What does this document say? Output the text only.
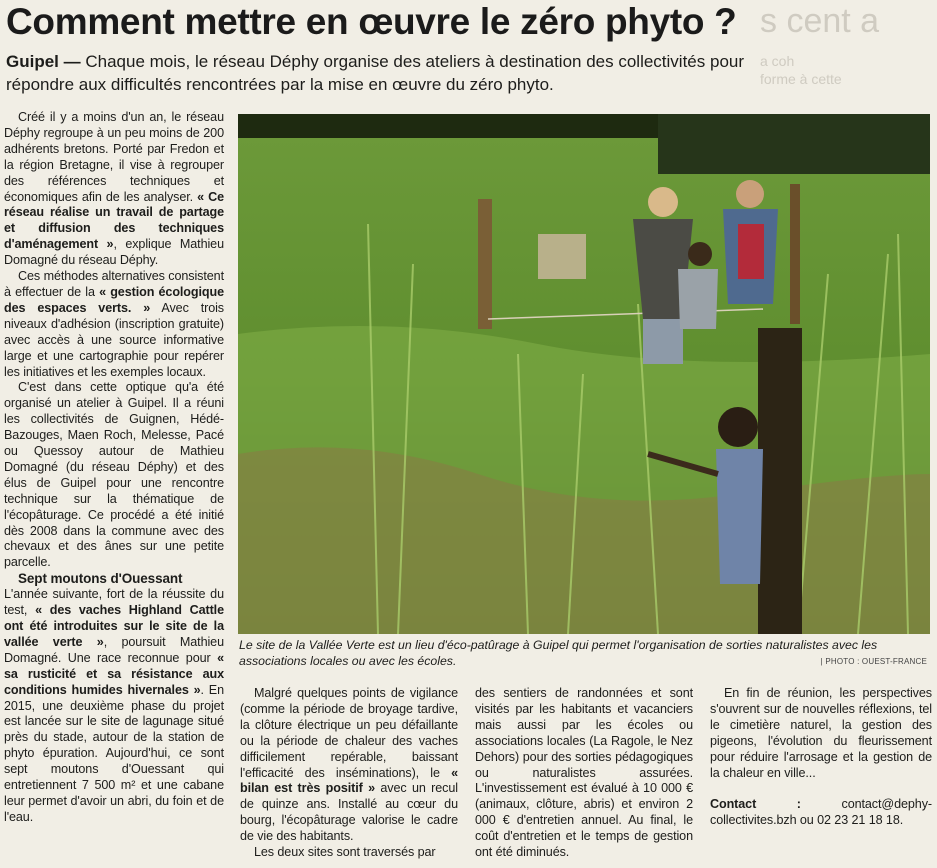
s cent a
a coh
forme à cette
Comment mettre en œuvre le zéro phyto ?

Guipel — Chaque mois, le réseau Déphy organise des ateliers à destination des collectivités pour répondre aux difficultés rencontrées par la mise en œuvre du zéro phyto.

Créé il y a moins d'un an, le réseau Déphy regroupe à un peu moins de 200 adhérents bretons. Porté par Fredon et la région Bretagne, il vise à regrouper des références techniques et économiques afin de les analyser. « Ce réseau réalise un travail de partage et diffusion des techniques d'aménagement », explique Mathieu Domagné du réseau Déphy.

Ces méthodes alternatives consistent à effectuer de la « gestion écologique des espaces verts. » Avec trois niveaux d'adhésion (inscription gratuite) avec accès à une source informative large et une cartographie pour repérer les initiatives et les exemples locaux.

C'est dans cette optique qu'a été organisé un atelier à Guipel. Il a réuni les collectivités de Guignen, Hédé-Bazouges, Maen Roch, Melesse, Pacé ou Quessoy autour de Mathieu Domagné (du réseau Déphy) et des élus de Guipel pour une rencontre technique sur la thématique de l'écopâturage. Ce procédé a été initié dès 2008 dans la commune avec des chevaux et des ânes sur une petite parcelle.

Sept moutons d'Ouessant

L'année suivante, fort de la réussite du test, « des vaches Highland Cattle ont été introduites sur le site de la vallée verte », poursuit Mathieu Domagné. Une race reconnue pour « sa rusticité et sa résistance aux conditions humides hivernales ». En 2015, une deuxième phase du projet est lancée sur le site de lagunage situé près du stade, autour de la station de phyto épuration. Aujourd'hui, ce sont sept moutons d'Ouessant qui entretiennent 7 500 m² et une cabane leur permet d'avoir un abri, du foin et de l'eau.

Le site de la Vallée Verte est un lieu d'éco-patûrage à Guipel qui permet l'organisation de sorties naturalistes avec les associations locales ou avec les écoles.	| PHOTO : OUEST-FRANCE

Malgré quelques points de vigilance (comme la période de broyage tardive, la clôture électrique un peu défaillante ou la période de chaleur des vaches difficilement repérable, baissant l'efficacité des inséminations), le « bilan est très positif » avec un recul de quinze ans. Installé au cœur du bourg, l'écopâturage valorise le cadre de vie des habitants.

Les deux sites sont traversés par

des sentiers de randonnées et sont visités par les habitants et vacanciers mais aussi par les écoles ou associations locales (La Ragole, le Nez Dehors) pour des sorties pédagogiques ou naturalistes assurées. L'investissement est évalué à 10 000 € (animaux, clôture, abris) et environ 2 000 € d'entretien annuel. Au final, le coût d'entretien et le temps de gestion ont été diminués.

En fin de réunion, les perspectives s'ouvrent sur de nouvelles réflexions, tel le cimetière naturel, la gestion des pigeons, l'évolution du fleurissement pour réduire l'arrosage et la gestion de la chaleur en ville...

Contact : contact@dephy-collectivites.bzh ou 02 23 21 18 18.
